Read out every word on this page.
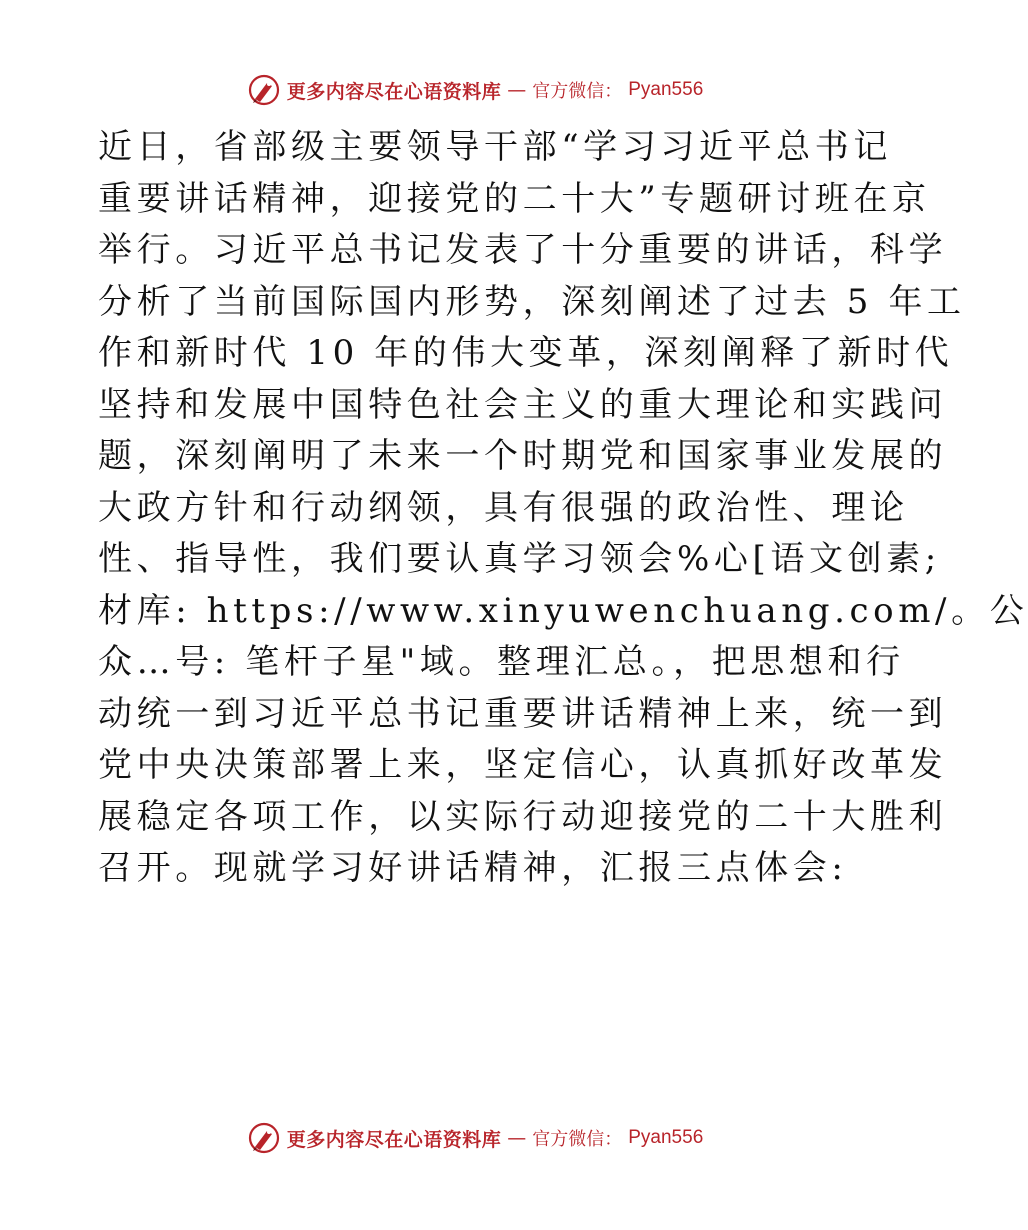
更多内容尽在心语资料库 — 官方微信： Pyan556
近日，省部级主要领导干部“学习习近平总书记
重要讲话精神，迎接党的二十大”专题研讨班在京
举行。习近平总书记发表了十分重要的讲话，科学
分析了当前国际国内形势，深刻阐述了过去 5 年工
作和新时代 10 年的伟大变革，深刻阐释了新时代
坚持和发展中国特色社会主义的重大理论和实践问
题，深刻阐明了未来一个时期党和国家事业发展的
大政方针和行动纲领，具有很强的政治性、理论
性、指导性，我们要认真学习领会%心[语文创素;
材库: https://www.xinyuwenchuang.com/。公
众…号: 笔杆子星"域。整理汇总。，把思想和行
动统一到习近平总书记重要讲话精神上来，统一到
党中央决策部署上来，坚定信心，认真抓好改革发
展稳定各项工作，以实际行动迎接党的二十大胜利
召开。现就学习好讲话精神，汇报三点体会:
更多内容尽在心语资料库 — 官方微信： Pyan556
